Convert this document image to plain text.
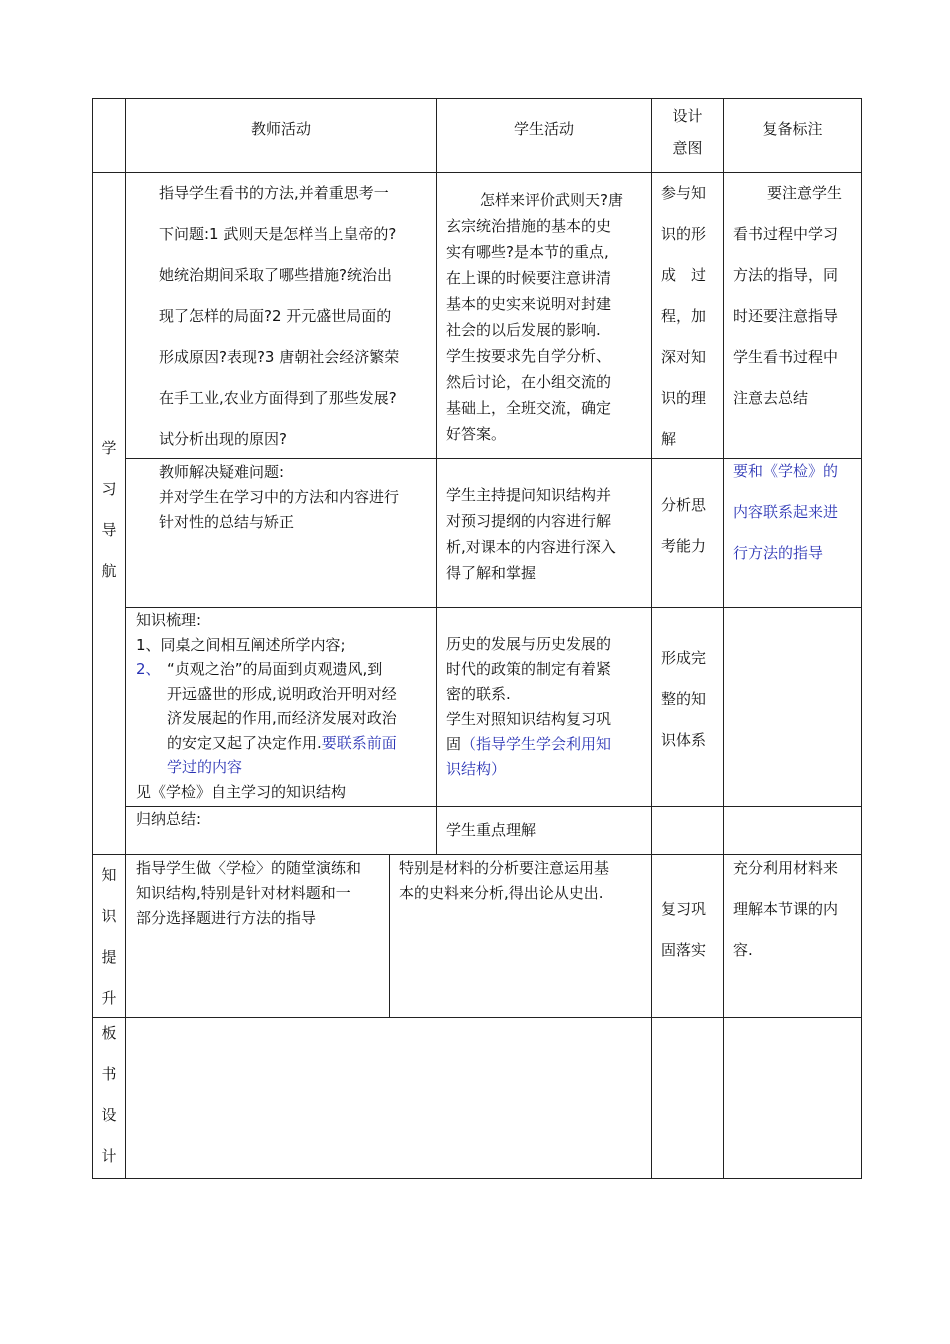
教师活动	学生活动
设计
意图
复备标注
学
习
导
航
指导学生看书的方法,并着重思考一
下问题:1 武则天是怎样当上皇帝的?
她统治期间采取了哪些措施?统治出
现了怎样的局面?2 开元盛世局面的
形成原因?表现?3 唐朝社会经济繁荣
在手工业,农业方面得到了那些发展?
试分析出现的原因?
怎样来评价武则天?唐
玄宗统治措施的基本的史
实有哪些?是本节的重点,
在上课的时候要注意讲清
基本的史实来说明对封建
社会的以后发展的影响.
学生按要求先自学分析、
然后讨论，在小组交流的
基础上，全班交流，确定
好答案。
参与知
识的形
成　过
程，加
深对知
识的理
解
要注意学生
看书过程中学习
方法的指导，同
时还要注意指导
学生看书过程中
注意去总结
教师解决疑难问题:
并对学生在学习中的方法和内容进行
针对性的总结与矫正
学生主持提问知识结构并
对预习提纲的内容进行解
析,对课本的内容进行深入
得了解和掌握
分析思
考能力
要和《学检》的
内容联系起来进
行方法的指导
知识梳理:
1、同桌之间相互阐述所学内容;
2、 “贞观之治”的局面到贞观遗风,到
开远盛世的形成,说明政治开明对经
济发展起的作用,而经济发展对政治
的安定又起了决定作用.要联系前面
学过的内容
见《学检》自主学习的知识结构
历史的发展与历史发展的
时代的政策的制定有着紧
密的联系.
学生对照知识结构复习巩
固（指导学生学会利用知
识结构）
形成完
整的知
识体系
归纳总结:
学生重点理解
知
识
提
升
指导学生做〈学检〉的随堂演练和
知识结构,特别是针对材料题和一
部分选择题进行方法的指导
特别是材料的分析要注意运用基
本的史料来分析,得出论从史出.
复习巩
固落实
充分利用材料来
理解本节课的内
容.
板
书
设
计
